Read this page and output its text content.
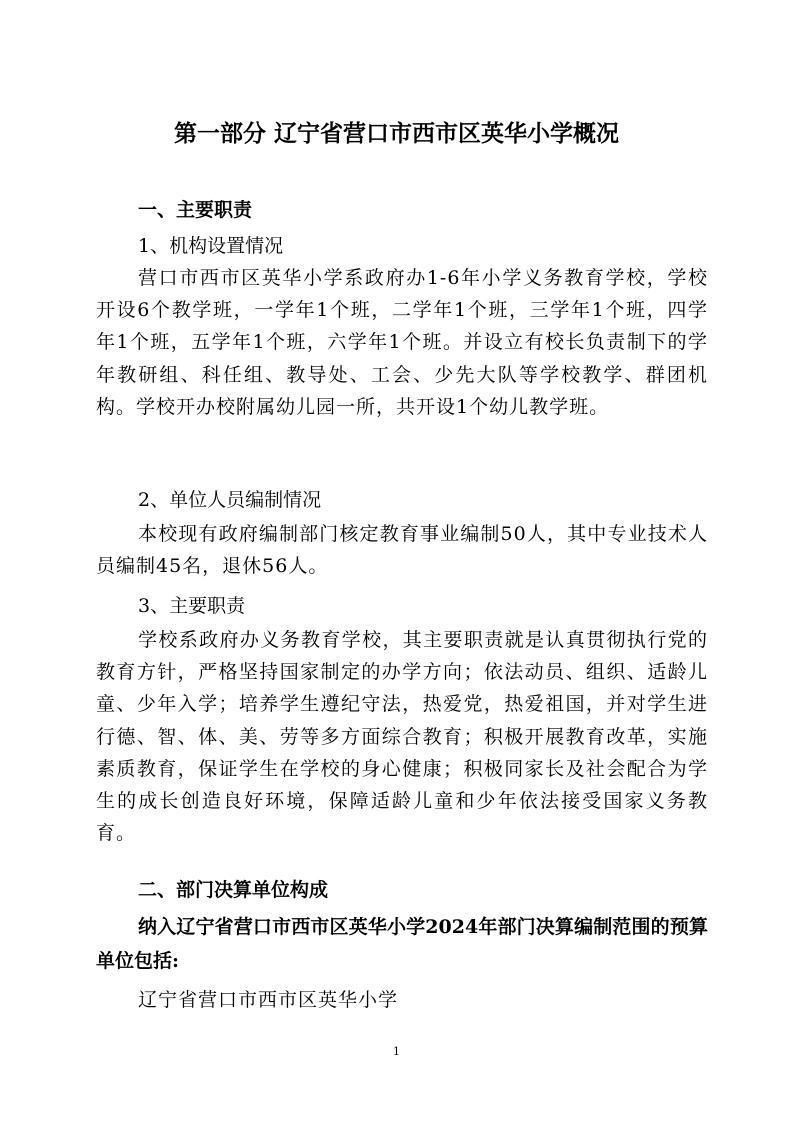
第一部分 辽宁省营口市西市区英华小学概况
一、主要职责
1、机构设置情况
营口市西市区英华小学系政府办1-6年小学义务教育学校，学校开设6个教学班，一学年1个班，二学年1个班，三学年1个班，四学年1个班，五学年1个班，六学年1个班。并设立有校长负责制下的学年教研组、科任组、教导处、工会、少先大队等学校教学、群团机构。学校开办校附属幼儿园一所，共开设1个幼儿教学班。
2、单位人员编制情况
本校现有政府编制部门核定教育事业编制50人，其中专业技术人员编制45名，退休56人。
3、主要职责
学校系政府办义务教育学校，其主要职责就是认真贯彻执行党的教育方针，严格坚持国家制定的办学方向；依法动员、组织、适龄儿童、少年入学；培养学生遵纪守法，热爱党，热爱祖国，并对学生进行德、智、体、美、劳等多方面综合教育；积极开展教育改革，实施素质教育，保证学生在学校的身心健康；积极同家长及社会配合为学生的成长创造良好环境，保障适龄儿童和少年依法接受国家义务教育。
二、部门决算单位构成
纳入辽宁省营口市西市区英华小学2024年部门决算编制范围的预算单位包括:
辽宁省营口市西市区英华小学
1
